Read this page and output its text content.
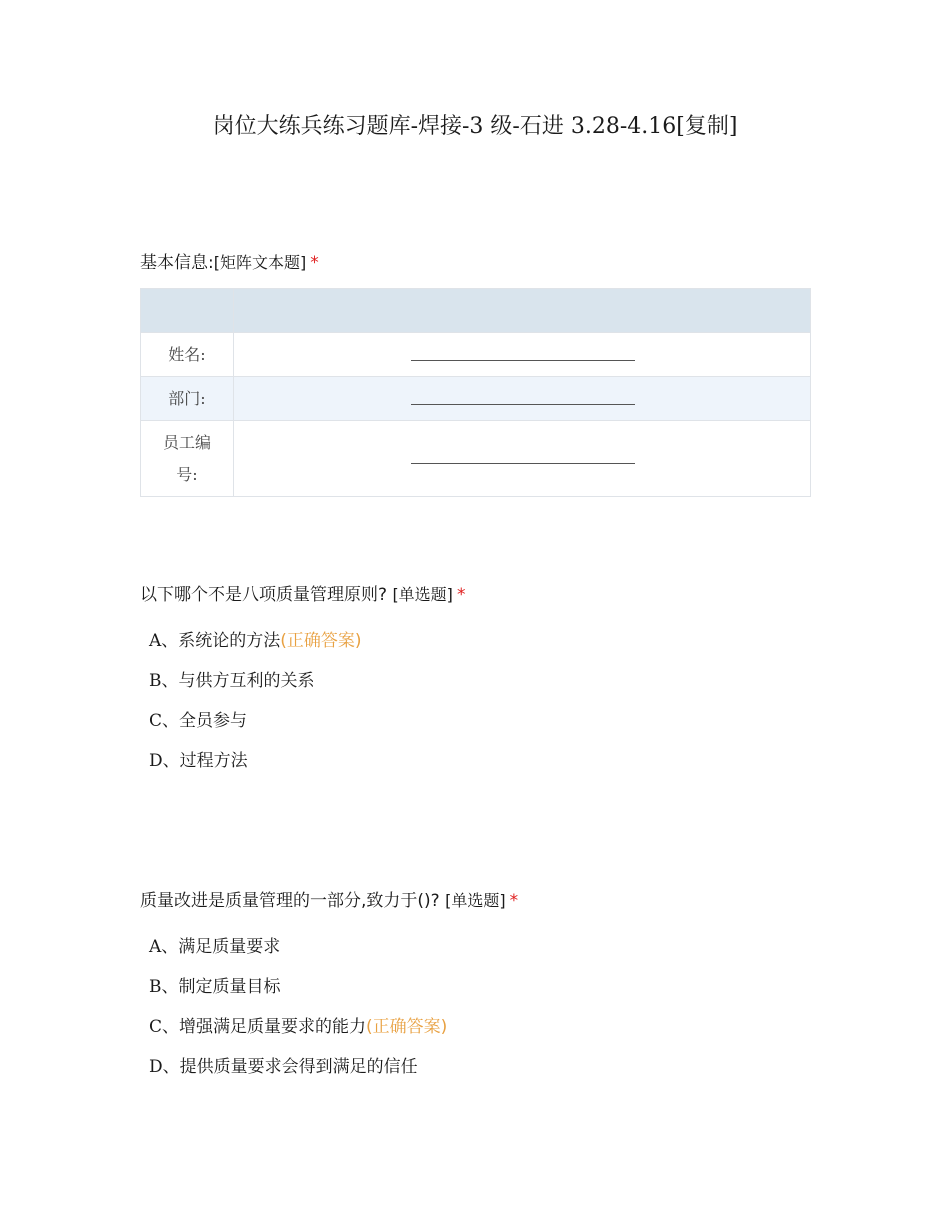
岗位大练兵练习题库-焊接-3 级-石进 3.28-4.16[复制]
基本信息:[矩阵文本题] *

姓名:	

部门:	

员工编号:	
以下哪个不是八项质量管理原则? [单选题] *
A、系统论的方法(正确答案)
B、与供方互利的关系
C、全员参与
D、过程方法
质量改进是质量管理的一部分,致力于()? [单选题] *
A、满足质量要求
B、制定质量目标
C、增强满足质量要求的能力(正确答案)
D、提供质量要求会得到满足的信任
